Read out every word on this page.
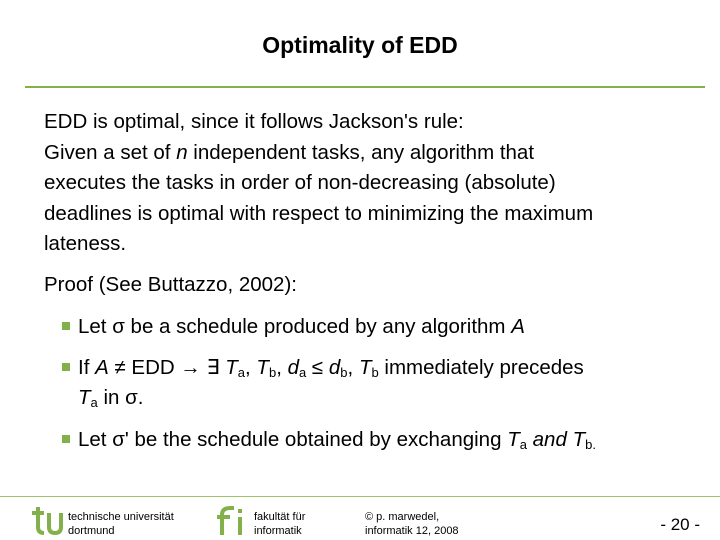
Optimality of EDD

EDD is optimal, since it follows Jackson's rule:

Given a set of n independent tasks, any algorithm that

executes the tasks in order of non-decreasing (absolute)

deadlines is optimal with respect to minimizing the maximum

lateness.

Proof (See Buttazzo, 2002):
Let σ be a schedule produced by any algorithm A
If A ≠ EDD → ∃ $T_a$, $T_b$, $d_a \le d_b$, $T_b$ immediately precedes
$T_a$ in σ.
Let σ' be the schedule obtained by exchanging $T_a$ and $T_{b.}$
technische universität
dortmund
fakultät für
informatik
© p. marwedel,
informatik 12, 2008	- 20 -
